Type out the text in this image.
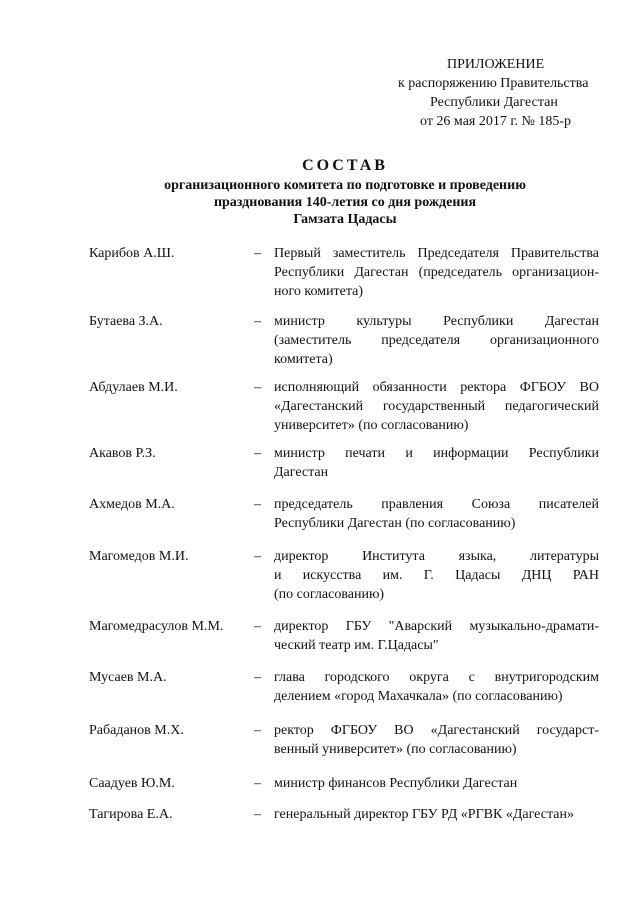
ПРИЛОЖЕНИЕ
к распоряжению Правительства
Республики Дагестан
от 26 мая 2017 г. № 185-р
СОСТАВ
организационного комитета по подготовке и проведению
празднования 140-летия со дня рождения
Гамзата Цадасы
Карибов А.Ш.	– Первый заместитель Председателя Правительства
Республики Дагестан (председатель организацион-
ного комитета)
Бутаева З.А.	– министр культуры Республики Дагестан
(заместитель председателя организационного
комитета)
Абдулаев М.И.	– исполняющий обязанности ректора ФГБОУ ВО
«Дагестанский государственный педагогический
университет» (по согласованию)
Акавов Р.З.	– министр печати и информации Республики
Дагестан
Ахмедов М.А.	– председатель правления Союза писателей
Республики Дагестан (по согласованию)
Магомедов М.И.	– директор Института языка, литературы
и искусства им. Г. Цадасы ДНЦ РАН
(по согласованию)
Магомедрасулов М.М. – директор ГБУ "Аварский музыкально-драмати-
ческий театр им. Г.Цадасы"
Мусаев М.А.	– глава городского округа с внутригородским
делением «город Махачкала» (по согласованию)
Рабаданов М.Х.	– ректор ФГБОУ ВО «Дагестанский государст-
венный университет» (по согласованию)
Саадуев Ю.М.	– министр финансов Республики Дагестан
Тагирова Е.А.	– генеральный директор ГБУ РД «РГВК «Дагестан»
